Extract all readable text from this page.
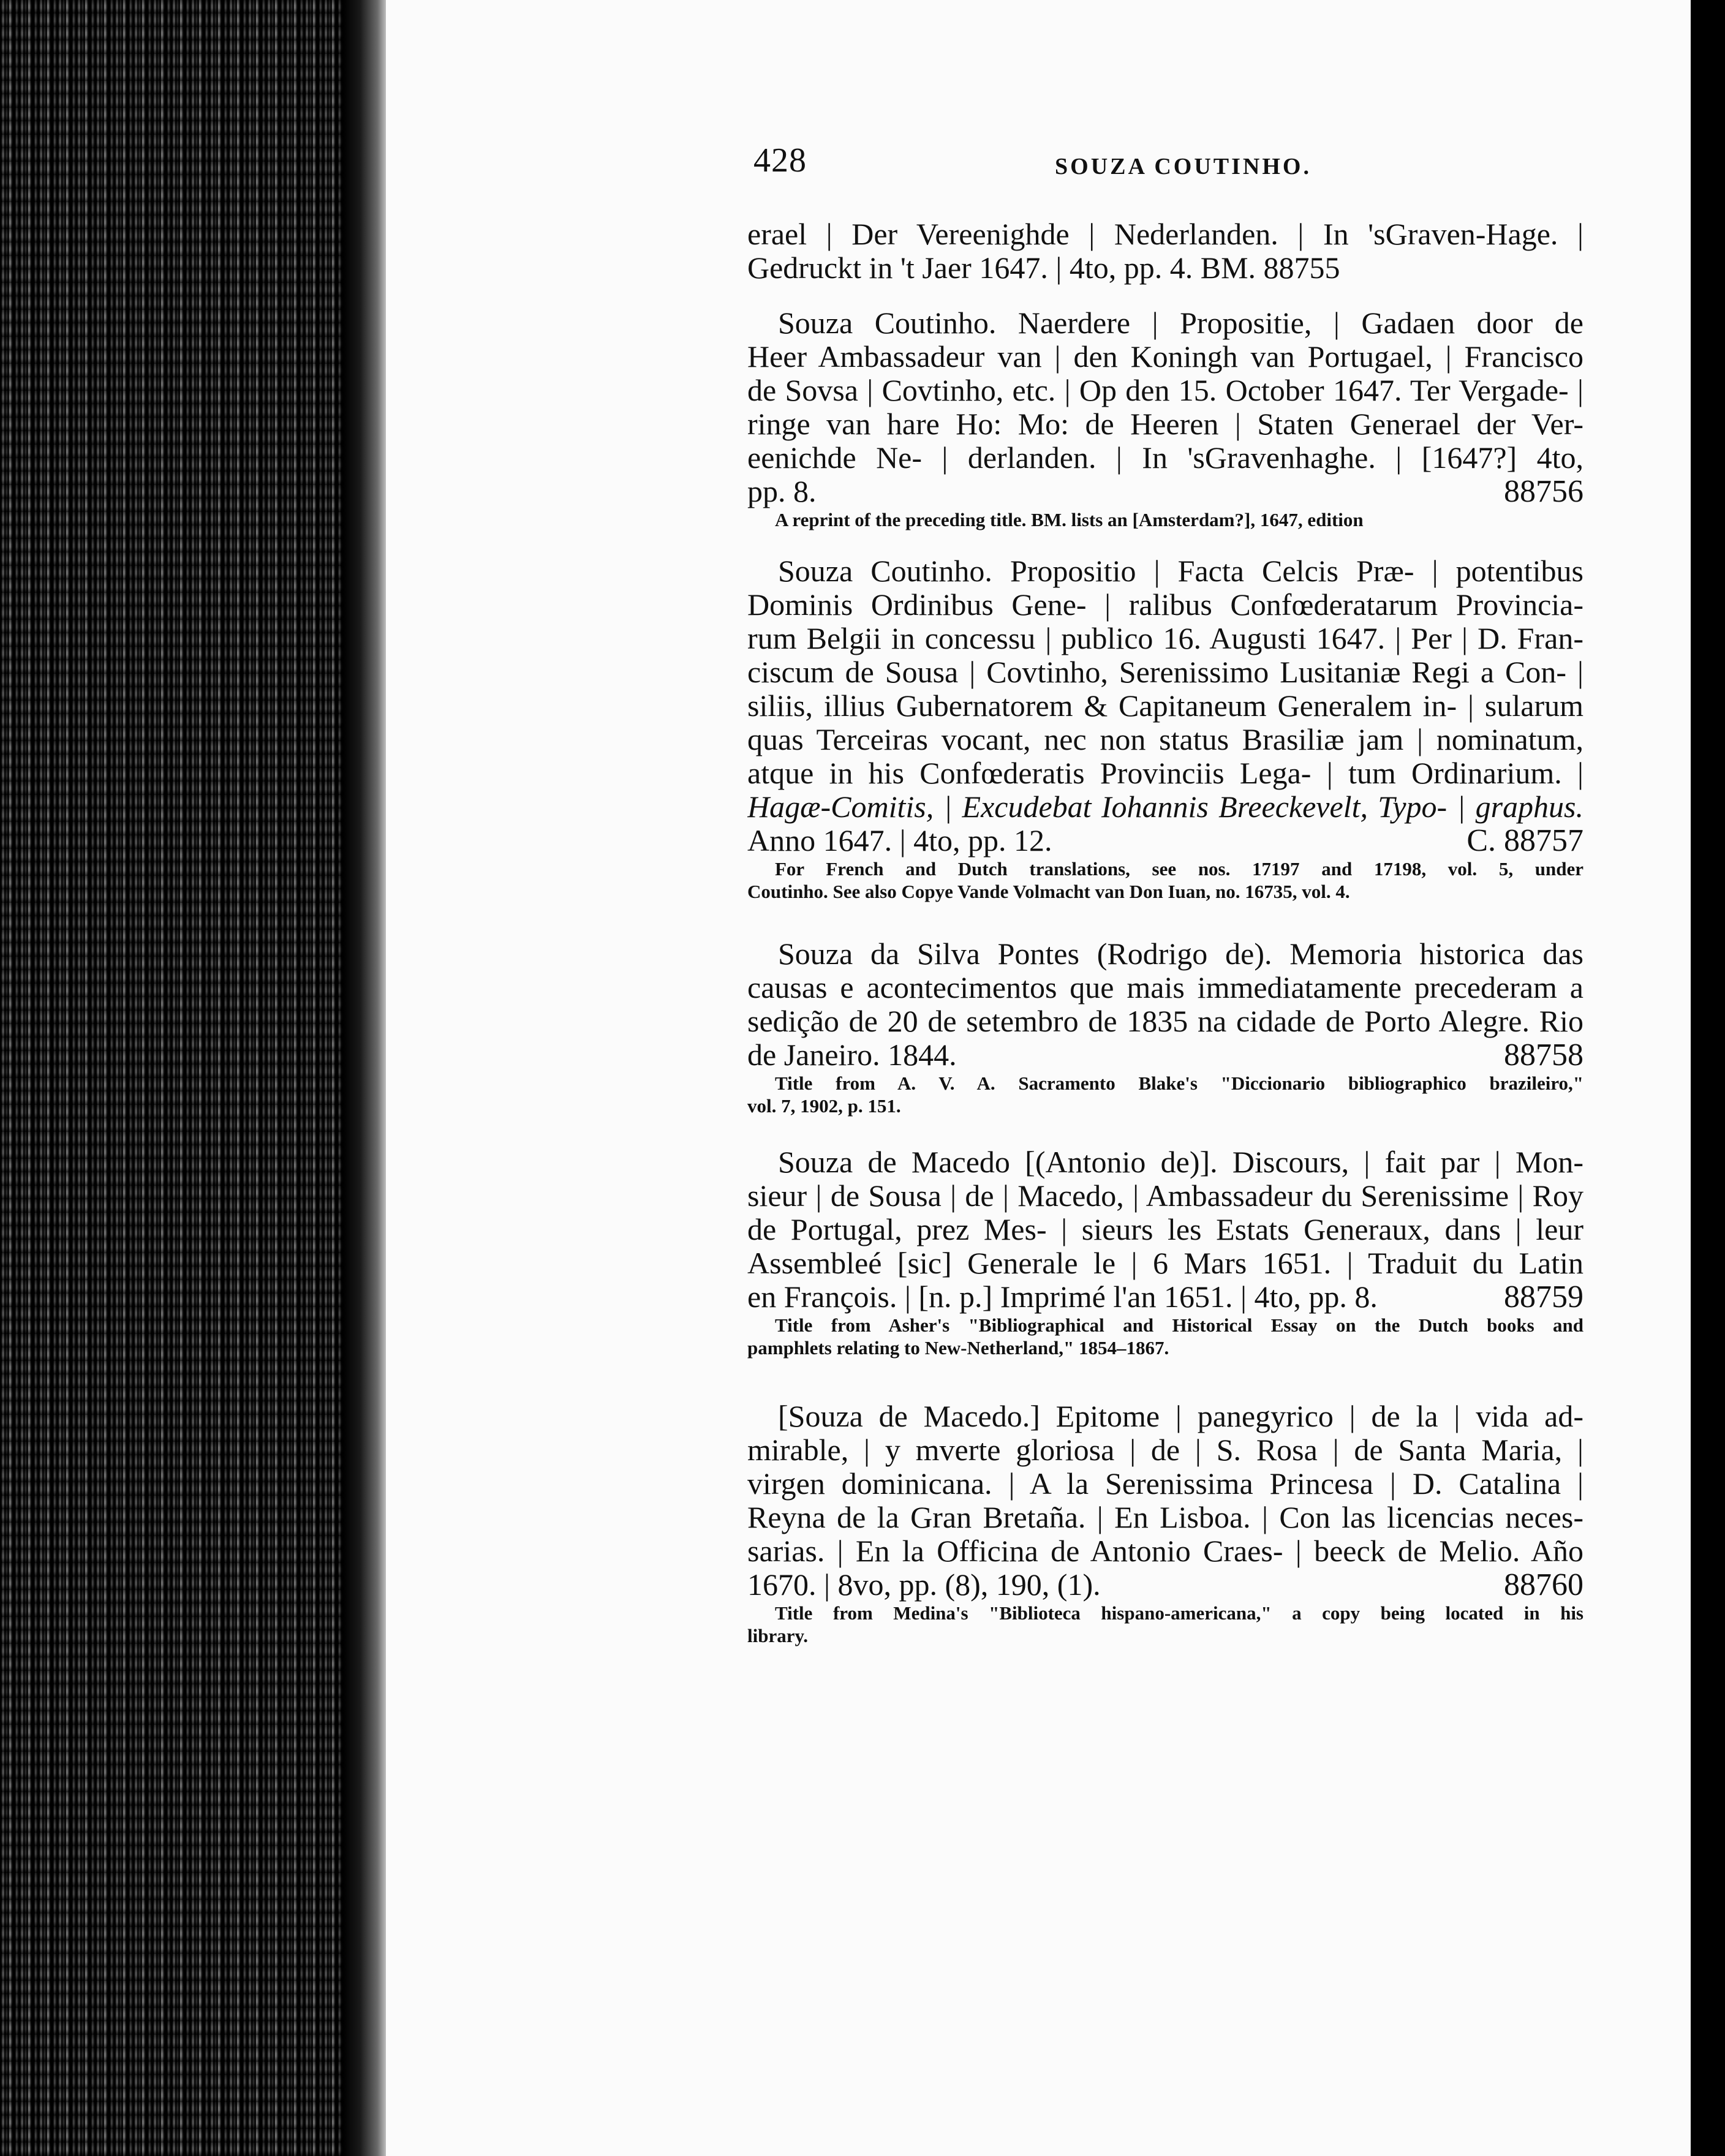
428	SOUZA COUTINHO.
erael | Der Vereenighde | Nederlanden. | In 'sGraven-Hage. |
Gedruckt in 't Jaer 1647. | 4to, pp. 4. BM. 88755
Souza Coutinho. Naerdere | Propositie, | Gadaen door de
Heer Ambassadeur van | den Koningh van Portugael, | Francisco
de Sovsa | Covtinho, etc. | Op den 15. October 1647. Ter Vergade- |
ringe van hare Ho: Mo: de Heeren | Staten Generael der Ver-
eenichde Ne- | derlanden. | In 'sGravenhaghe. | [1647?] 4to,
pp. 8.	88756
A reprint of the preceding title. BM. lists an [Amsterdam?], 1647, edition
Souza Coutinho. Propositio | Facta Celcis Præ- | potentibus
Dominis Ordinibus Gene- | ralibus Confœderatarum Provincia-
rum Belgii in concessu | publico 16. Augusti 1647. | Per | D. Fran-
ciscum de Sousa | Covtinho, Serenissimo Lusitaniæ Regi a Con- |
siliis, illius Gubernatorem & Capitaneum Generalem in- | sularum
quas Terceiras vocant, nec non status Brasiliæ jam | nominatum,
atque in his Confœderatis Provinciis Lega- | tum Ordinarium. |
Hagæ-Comitis, | Excudebat Iohannis Breeckevelt, Typo- | graphus.
Anno 1647. | 4to, pp. 12.	C. 88757
For French and Dutch translations, see nos. 17197 and 17198, vol. 5, under
Coutinho. See also Copye Vande Volmacht van Don Iuan, no. 16735, vol. 4.
Souza da Silva Pontes (Rodrigo de). Memoria historica das
causas e acontecimentos que mais immediatamente precederam a
sedição de 20 de setembro de 1835 na cidade de Porto Alegre. Rio
de Janeiro. 1844.	88758
Title from A. V. A. Sacramento Blake's "Diccionario bibliographico brazileiro,"
vol. 7, 1902, p. 151.
Souza de Macedo [(Antonio de)]. Discours, | fait par | Mon-
sieur | de Sousa | de | Macedo, | Ambassadeur du Serenissime | Roy
de Portugal, prez Mes- | sieurs les Estats Generaux, dans | leur
Assembleé [sic] Generale le | 6 Mars 1651. | Traduit du Latin
en François. | [n. p.] Imprimé l'an 1651. | 4to, pp. 8.	88759
Title from Asher's "Bibliographical and Historical Essay on the Dutch books and
pamphlets relating to New-Netherland," 1854–1867.
[Souza de Macedo.] Epitome | panegyrico | de la | vida ad-
mirable, | y mverte gloriosa | de | S. Rosa | de Santa Maria, |
virgen dominicana. | A la Serenissima Princesa | D. Catalina |
Reyna de la Gran Bretaña. | En Lisboa. | Con las licencias neces-
sarias. | En la Officina de Antonio Craes- | beeck de Melio. Año
1670. | 8vo, pp. (8), 190, (1).	88760
Title from Medina's "Biblioteca hispano-americana," a copy being located in his
library.
